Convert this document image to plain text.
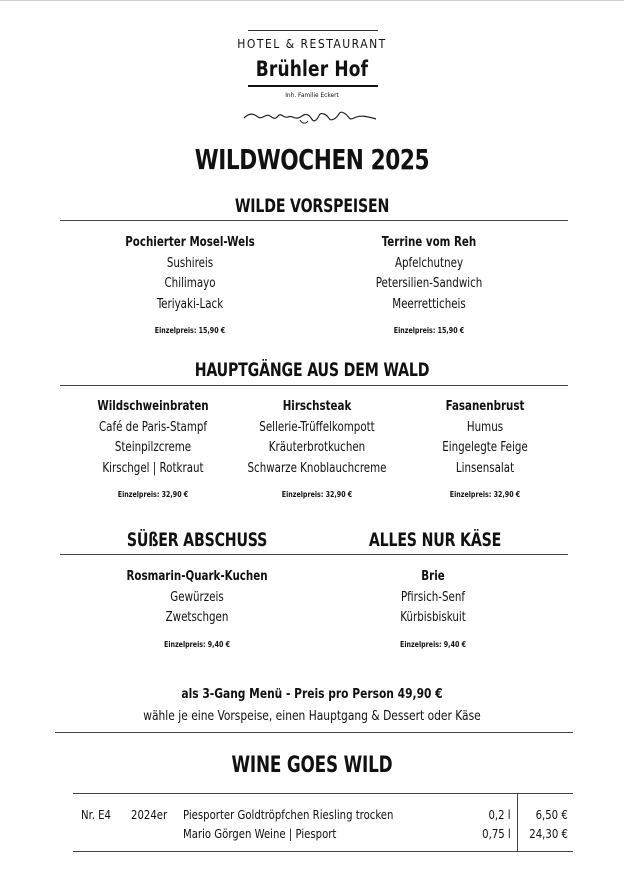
HOTEL & RESTAURANT
Brühler Hof
Inh. Familie Eckert
WILDWOCHEN 2025
WILDE VORSPEISEN
Pochierter Mosel-Wels
Sushireis
Chilimayo
Teriyaki-Lack
Einzelpreis: 15,90 €
Terrine vom Reh
Apfelchutney
Petersilien-Sandwich
Meerretticheis
Einzelpreis: 15,90 €
HAUPTGÄNGE AUS DEM WALD
Wildschweinbraten
Café de Paris-Stampf
Steinpilzcreme
Kirschgel | Rotkraut
Einzelpreis: 32,90 €
Hirschsteak
Sellerie-Trüffelkompott
Kräuterbrotkuchen
Schwarze Knoblauchcreme
Einzelpreis: 32,90 €
Fasanenbrust
Humus
Eingelegte Feige
Linsensalat
Einzelpreis: 32,90 €
SÜßER ABSCHUSS	ALLES NUR KÄSE
Rosmarin-Quark-Kuchen
Gewürzeis
Zwetschgen
Einzelpreis: 9,40 €
Brie
Pfirsich-Senf
Kürbisbiskuit
Einzelpreis: 9,40 €
als 3-Gang Menü - Preis pro Person 49,90 €
wähle je eine Vorspeise, einen Hauptgang & Dessert oder Käse
WINE GOES WILD
Nr. E4 2024er Piesporter Goldtröpfchen Riesling trocken
Mario Görgen Weine | Piesport
0,2 l
0,75 l
6,50 €
24,30 €
